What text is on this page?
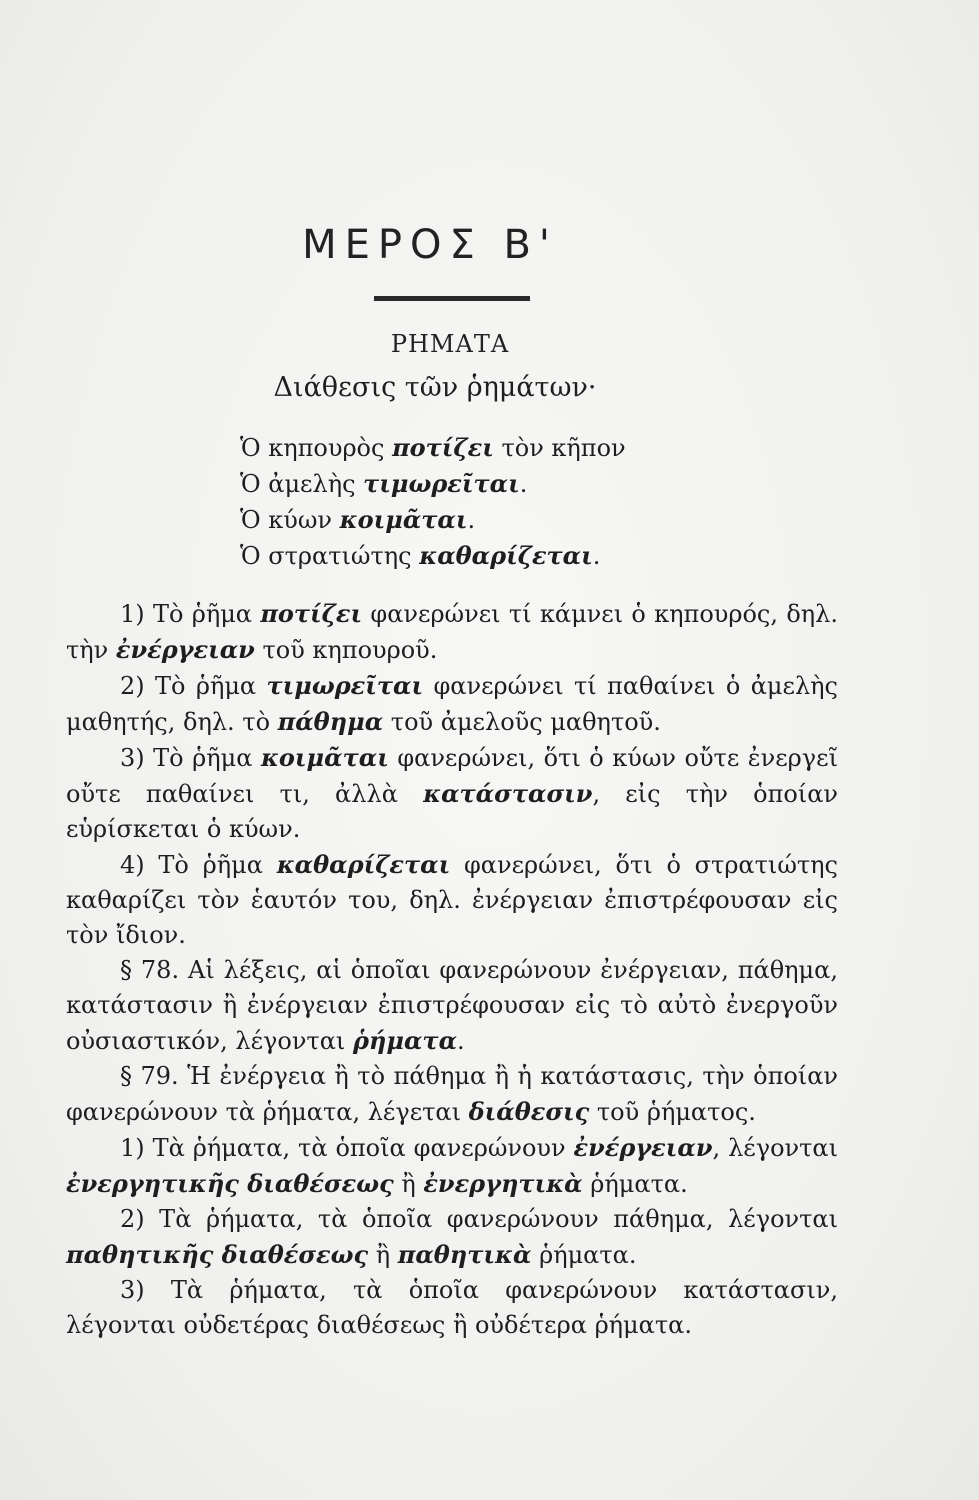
ΜΕΡΟΣ Β'
ΡΗΜΑΤΑ
Διάθεσις τῶν ῥημάτων·
Ὁ κηπουρὸς ποτίζει τὸν κῆπον
Ὁ ἀμελὴς τιμωρεῖται.
Ὁ κύων κοιμᾶται.
Ὁ στρατιώτης καθαρίζεται.

1) Τὸ ῥῆμα ποτίζει φανερώνει τί κάμνει ὁ κηπουρός, δηλ. τὴν ἐνέργειαν τοῦ κηπουροῦ.

2) Τὸ ῥῆμα τιμωρεῖται φανερώνει τί παθαίνει ὁ ἀμελὴς μαθητής, δηλ. τὸ πάθημα τοῦ ἀμελοῦς μαθητοῦ.

3) Τὸ ῥῆμα κοιμᾶται φανερώνει, ὅτι ὁ κύων οὔτε ἐνεργεῖ οὔτε παθαίνει τι, ἀλλὰ κατάστασιν, εἰς τὴν ὁποίαν εὑρίσκεται ὁ κύων.

4) Τὸ ῥῆμα καθαρίζεται φανερώνει, ὅτι ὁ στρατιώτης καθαρίζει τὸν ἑαυτόν του, δηλ. ἐνέργειαν ἐπιστρέφουσαν εἰς τὸν ἴδιον.

§ 78. Αἱ λέξεις, αἱ ὁποῖαι φανερώνουν ἐνέργειαν, πάθημα, κατάστασιν ἢ ἐνέργειαν ἐπιστρέφουσαν εἰς τὸ αὐτὸ ἐνεργοῦν οὐσιαστικόν, λέγονται ῥήματα.

§ 79. Ἡ ἐνέργεια ἢ τὸ πάθημα ἢ ἡ κατάστασις, τὴν ὁποίαν φανερώνουν τὰ ῥήματα, λέγεται διάθεσις τοῦ ῥήματος.

1) Τὰ ῥήματα, τὰ ὁποῖα φανερώνουν ἐνέργειαν, λέγονται ἐνεργητικῆς διαθέσεως ἢ ἐνεργητικὰ ῥήματα.

2) Τὰ ῥήματα, τὰ ὁποῖα φανερώνουν πάθημα, λέγονται παθητικῆς διαθέσεως ἢ παθητικὰ ῥήματα.

3) Τὰ ῥήματα, τὰ ὁποῖα φανερώνουν κατάστασιν, λέγονται οὐδετέρας διαθέσεως ἢ οὐδέτερα ῥήματα.
